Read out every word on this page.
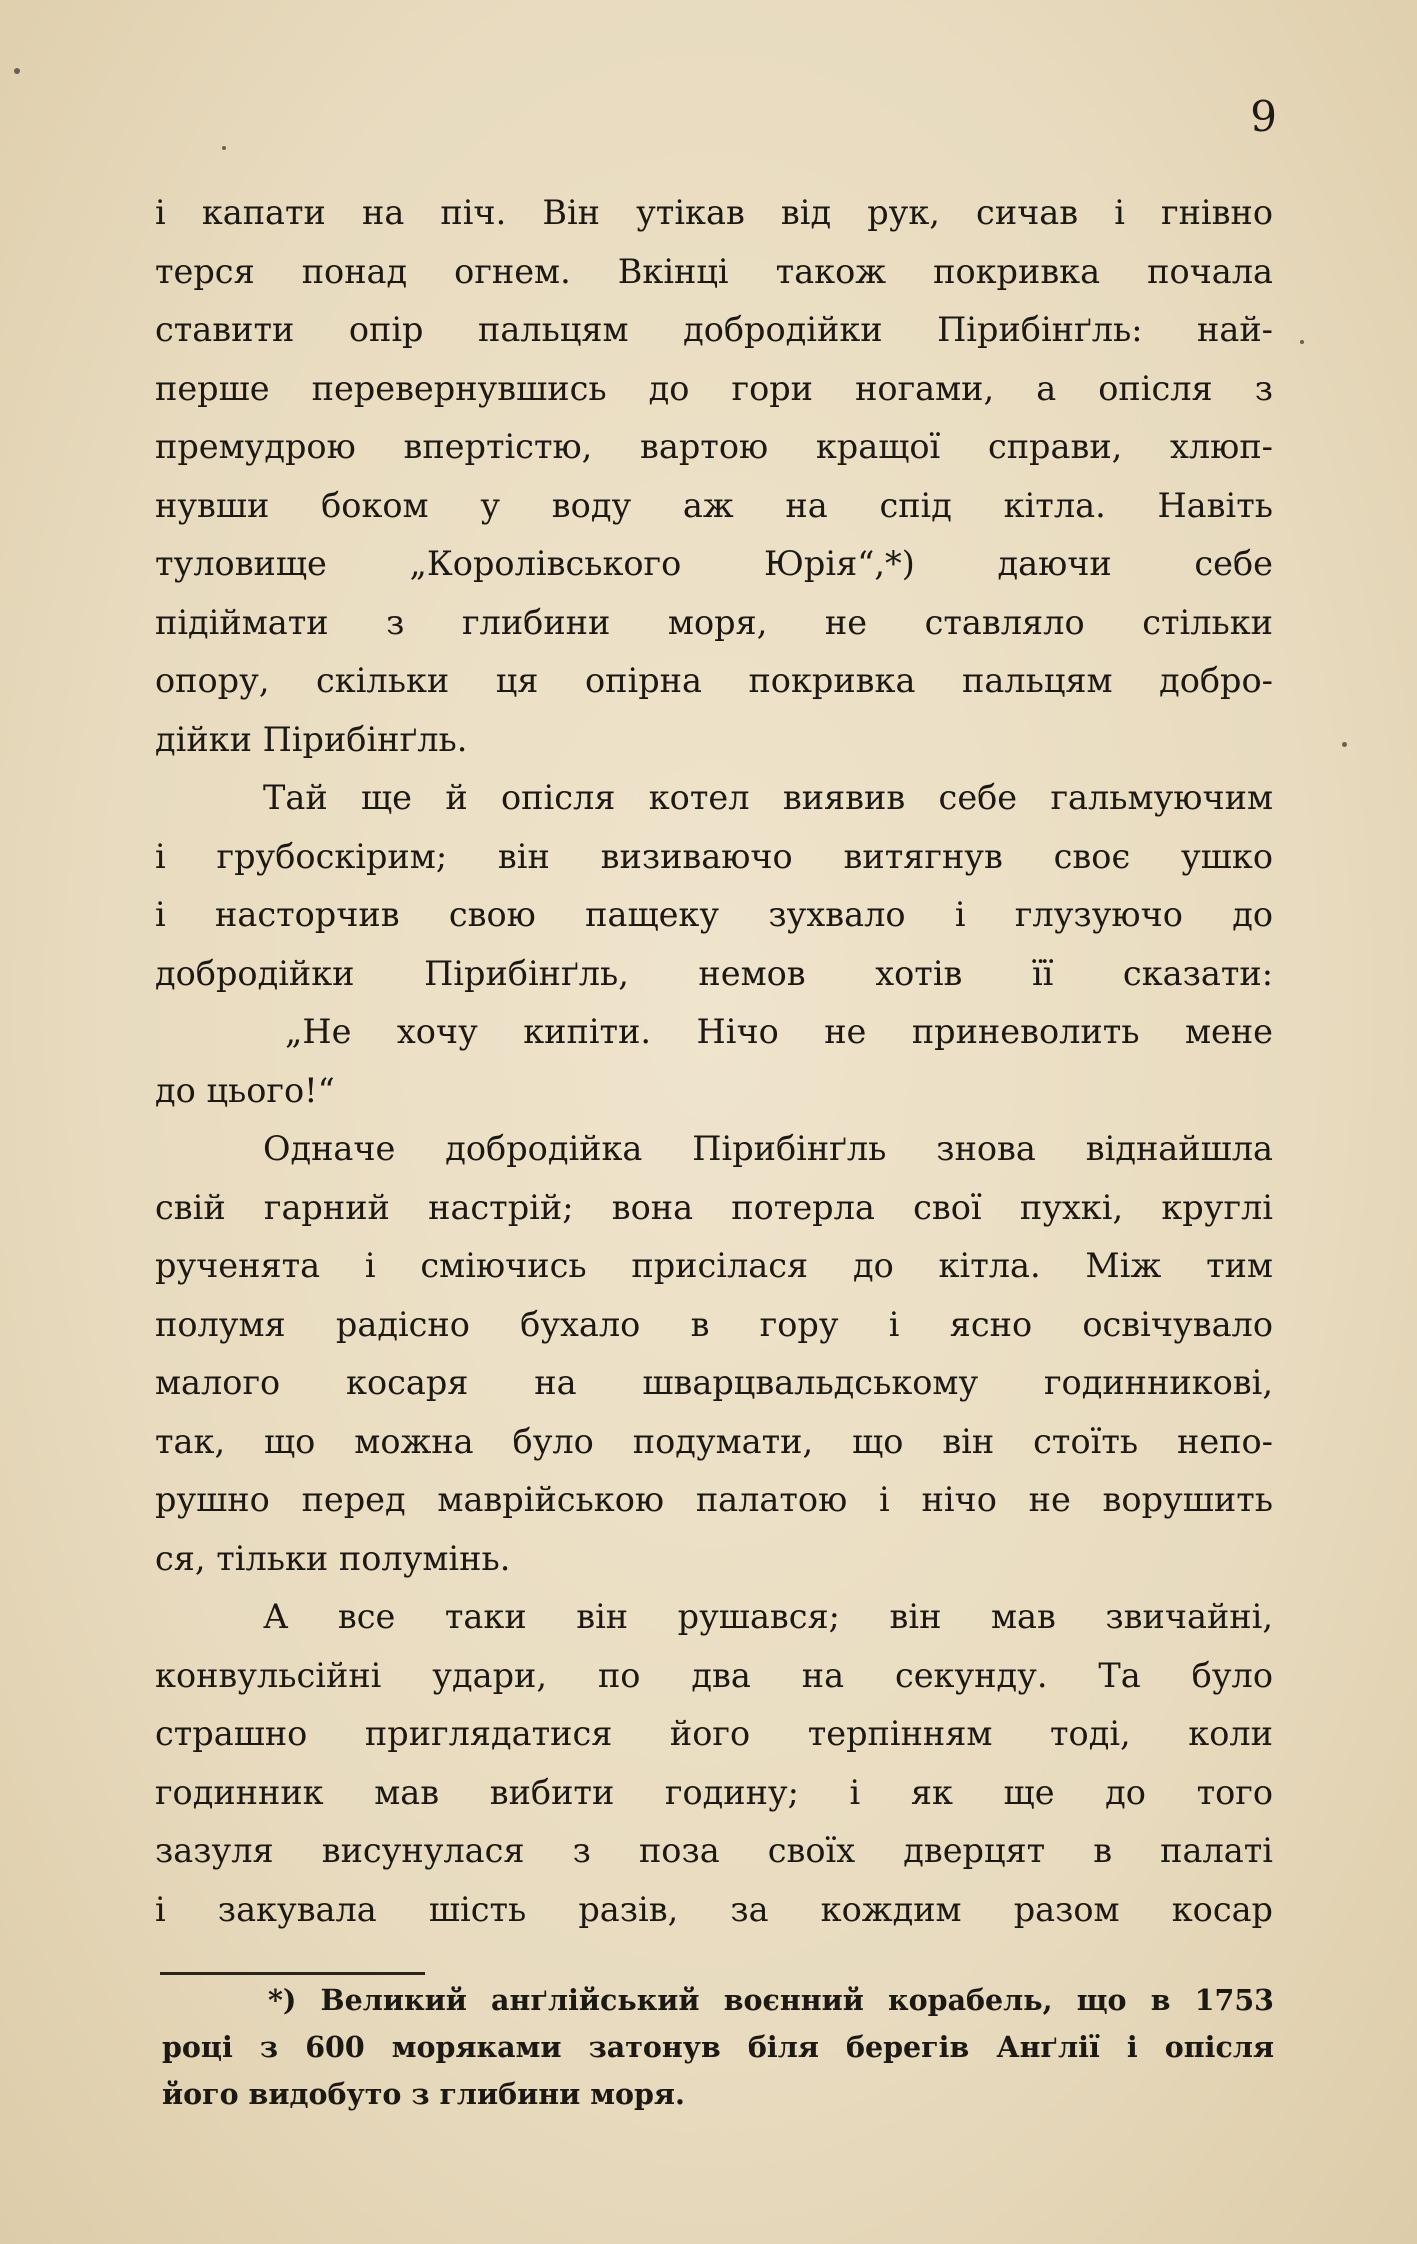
9
і капати на піч. Він утікав від рук, сичав і гнівно
терся понад огнем. Вкінці також покривка почала
ставити опір пальцям добродійки Пірибінґль: най-
перше перевернувшись до гори ногами, а опісля з
премудрою впертістю, вартою кращої справи, хлюп-
нувши боком у воду аж на спід кітла. Навіть
туловище „Королівського Юрія“,*) даючи себе
підіймати з глибини моря, не ставляло стільки
опору, скільки ця опірна покривка пальцям добро-
дійки Пірибінґль.
Тай ще й опісля котел виявив себе гальмуючим
і грубоскірим; він визиваючо витягнув своє ушко
і насторчив свою пащеку зухвало і глузуючо до
добродійки Пірибінґль, немов хотів її сказати:
„Не хочу кипіти. Нічо не приневолить мене
до цього!“
Одначе добродійка Пірибінґль знова віднайшла
свій гарний настрій; вона потерла свої пухкі, круглі
рученята і сміючись присілася до кітла. Між тим
полумя радісно бухало в гору і ясно освічувало
малого косаря на шварцвальдському годинникові,
так, що можна було подумати, що він стоїть непо-
рушно перед маврійською палатою і нічо не ворушить
ся, тільки полумінь.
А все таки він рушався; він мав звичайні,
конвульсійні удари, по два на секунду. Та було
страшно приглядатися його терпінням тоді, коли
годинник мав вибити годину; і як ще до того
зазуля висунулася з поза своїх дверцят в палаті
і закувала шість разів, за кождим разом косар
*) Великий анґлійський воєнний корабель, що в 1753
році з 600 моряками затонув біля берегів Анґлії і опісля
його видобуто з глибини моря.
